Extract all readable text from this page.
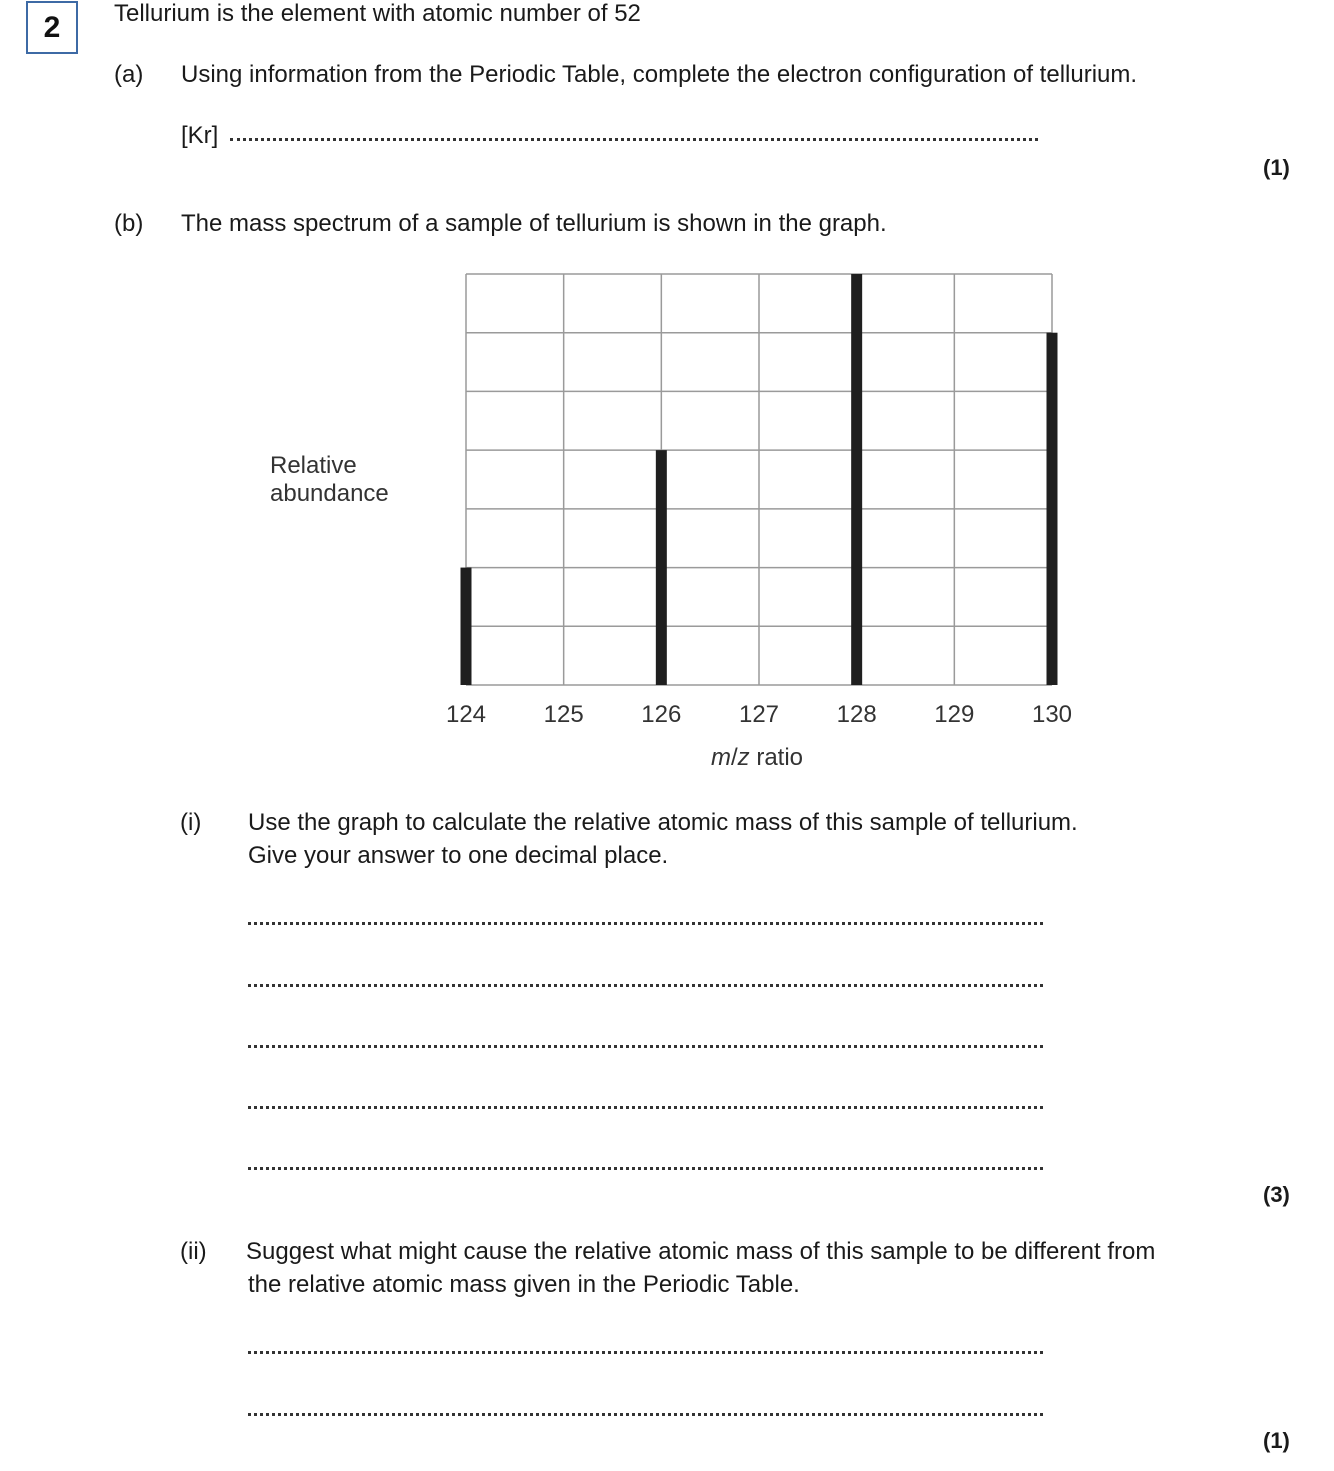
2 Tellurium is the element with atomic number of 52
(a) Using information from the Periodic Table, complete the electron configuration of tellurium.
[Kr]
(1)
(b) The mass spectrum of a sample of tellurium is shown in the graph.
Relative
abundance
124 125 126 127 128 129 130
m/z ratio
(i) Use the graph to calculate the relative atomic mass of this sample of tellurium.
Give your answer to one decimal place.
(3)
(ii) Suggest what might cause the relative atomic mass of this sample to be different from
the relative atomic mass given in the Periodic Table.
(1)
